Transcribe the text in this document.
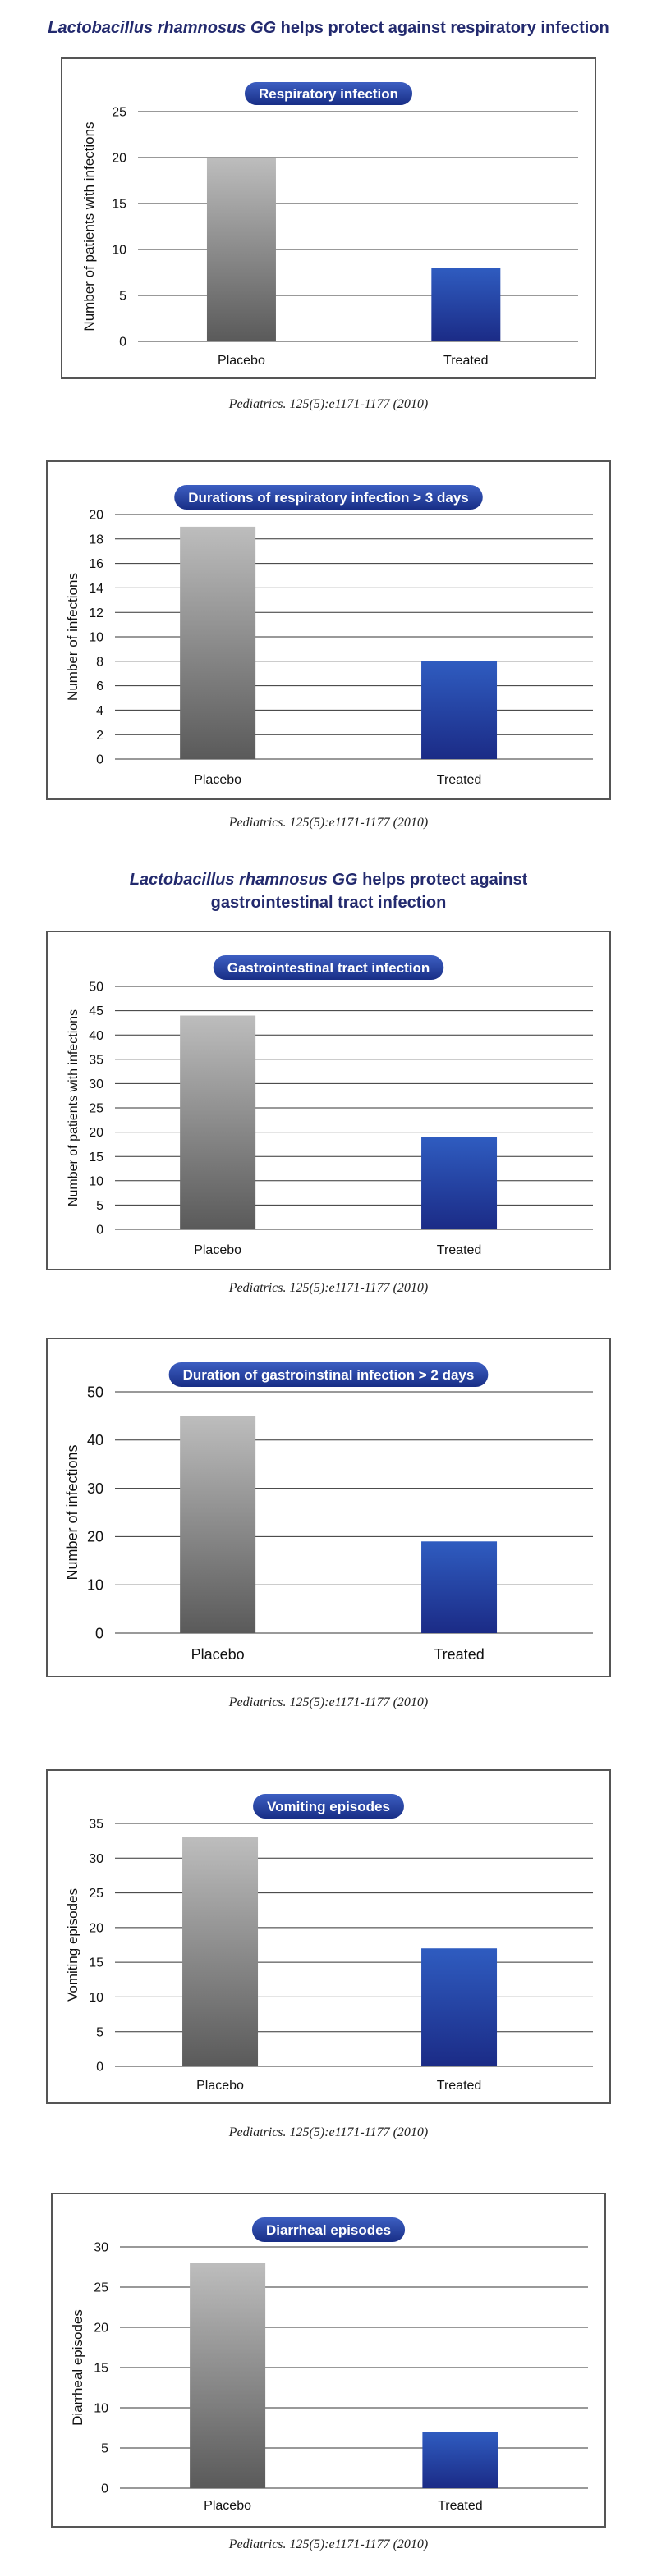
Lactobacillus rhamnosus GG helps protect against respiratory infection
0
5
10
15
20
25
Placebo	Treated
Number of patients with infections
Respiratory infection
Pediatrics. 125(5):e1171-1177 (2010)
0
2
4
6
8
10
12
14
16
18
20
Placebo	Treated
Number of infections
Durations of respiratory infection > 3 days
Pediatrics. 125(5):e1171-1177 (2010)
Lactobacillus rhamnosus GG helps protect against
gastrointestinal tract infection
0
5
10
15
20
25
30
35
40
45
50
Placebo	Treated
Number of patients with infections
Gastrointestinal tract infection
Pediatrics. 125(5):e1171-1177 (2010)
0
10
20
30
40
50
Placebo	Treated
Number of infections
Duration of gastroinstinal infection > 2 days
Pediatrics. 125(5):e1171-1177 (2010)
0
5
10
15
20
25
30
35
Placebo	Treated
Vomiting episodes
Vomiting episodes
Pediatrics. 125(5):e1171-1177 (2010)
0
5
10
15
20
25
30
Placebo	Treated
Diarrheal episodes
Diarrheal episodes
Pediatrics. 125(5):e1171-1177 (2010)
